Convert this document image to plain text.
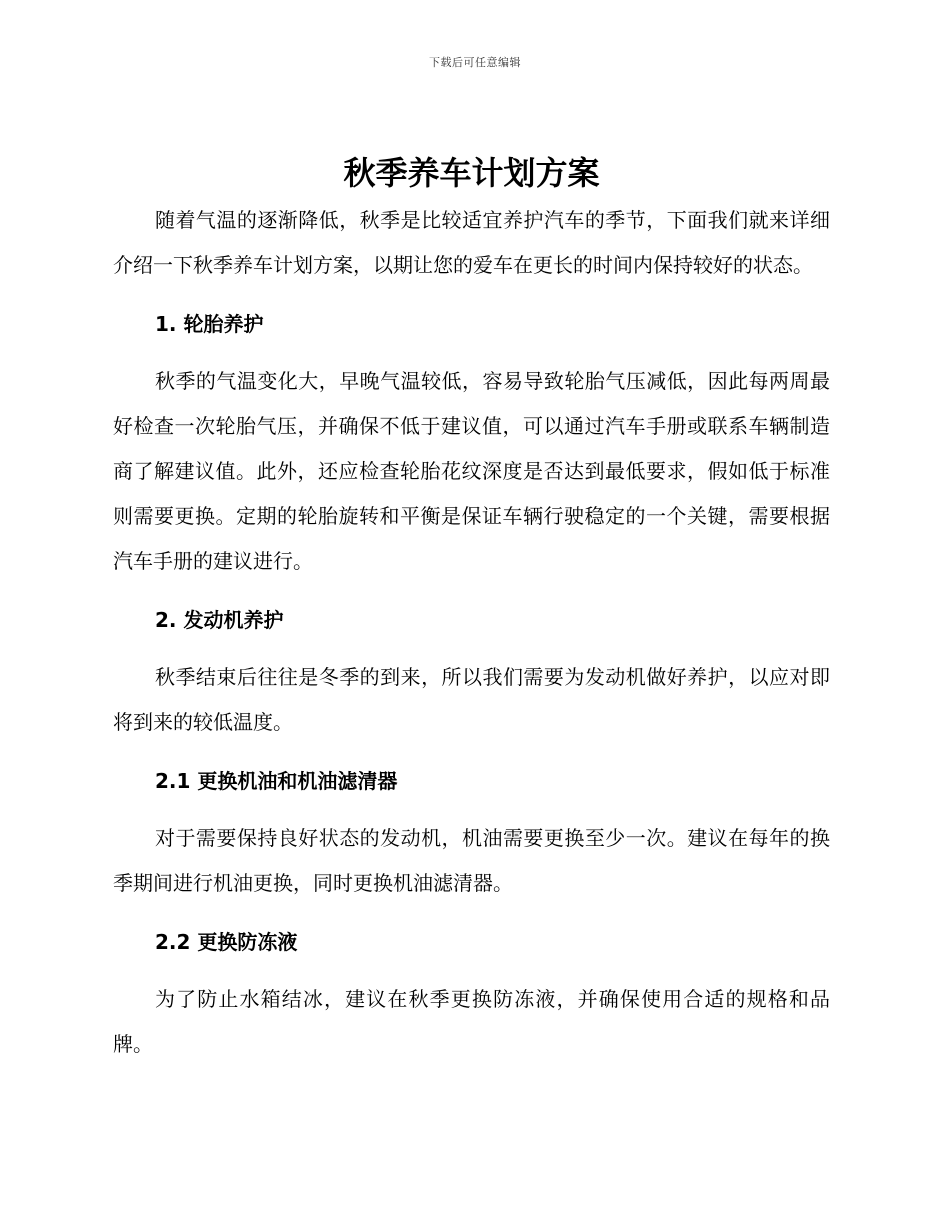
下载后可任意编辑
秋季养车计划方案

随着气温的逐渐降低，秋季是比较适宜养护汽车的季节，下面我们就来详细介绍一下秋季养车计划方案，以期让您的爱车在更长的时间内保持较好的状态。

1. 轮胎养护

秋季的气温变化大，早晚气温较低，容易导致轮胎气压减低，因此每两周最好检查一次轮胎气压，并确保不低于建议值，可以通过汽车手册或联系车辆制造商了解建议值。此外，还应检查轮胎花纹深度是否达到最低要求，假如低于标准则需要更换。定期的轮胎旋转和平衡是保证车辆行驶稳定的一个关键，需要根据汽车手册的建议进行。

2. 发动机养护

秋季结束后往往是冬季的到来，所以我们需要为发动机做好养护，以应对即将到来的较低温度。

2.1 更换机油和机油滤清器

对于需要保持良好状态的发动机，机油需要更换至少一次。建议在每年的换季期间进行机油更换，同时更换机油滤清器。

2.2 更换防冻液

为了防止水箱结冰，建议在秋季更换防冻液，并确保使用合适的规格和品牌。
